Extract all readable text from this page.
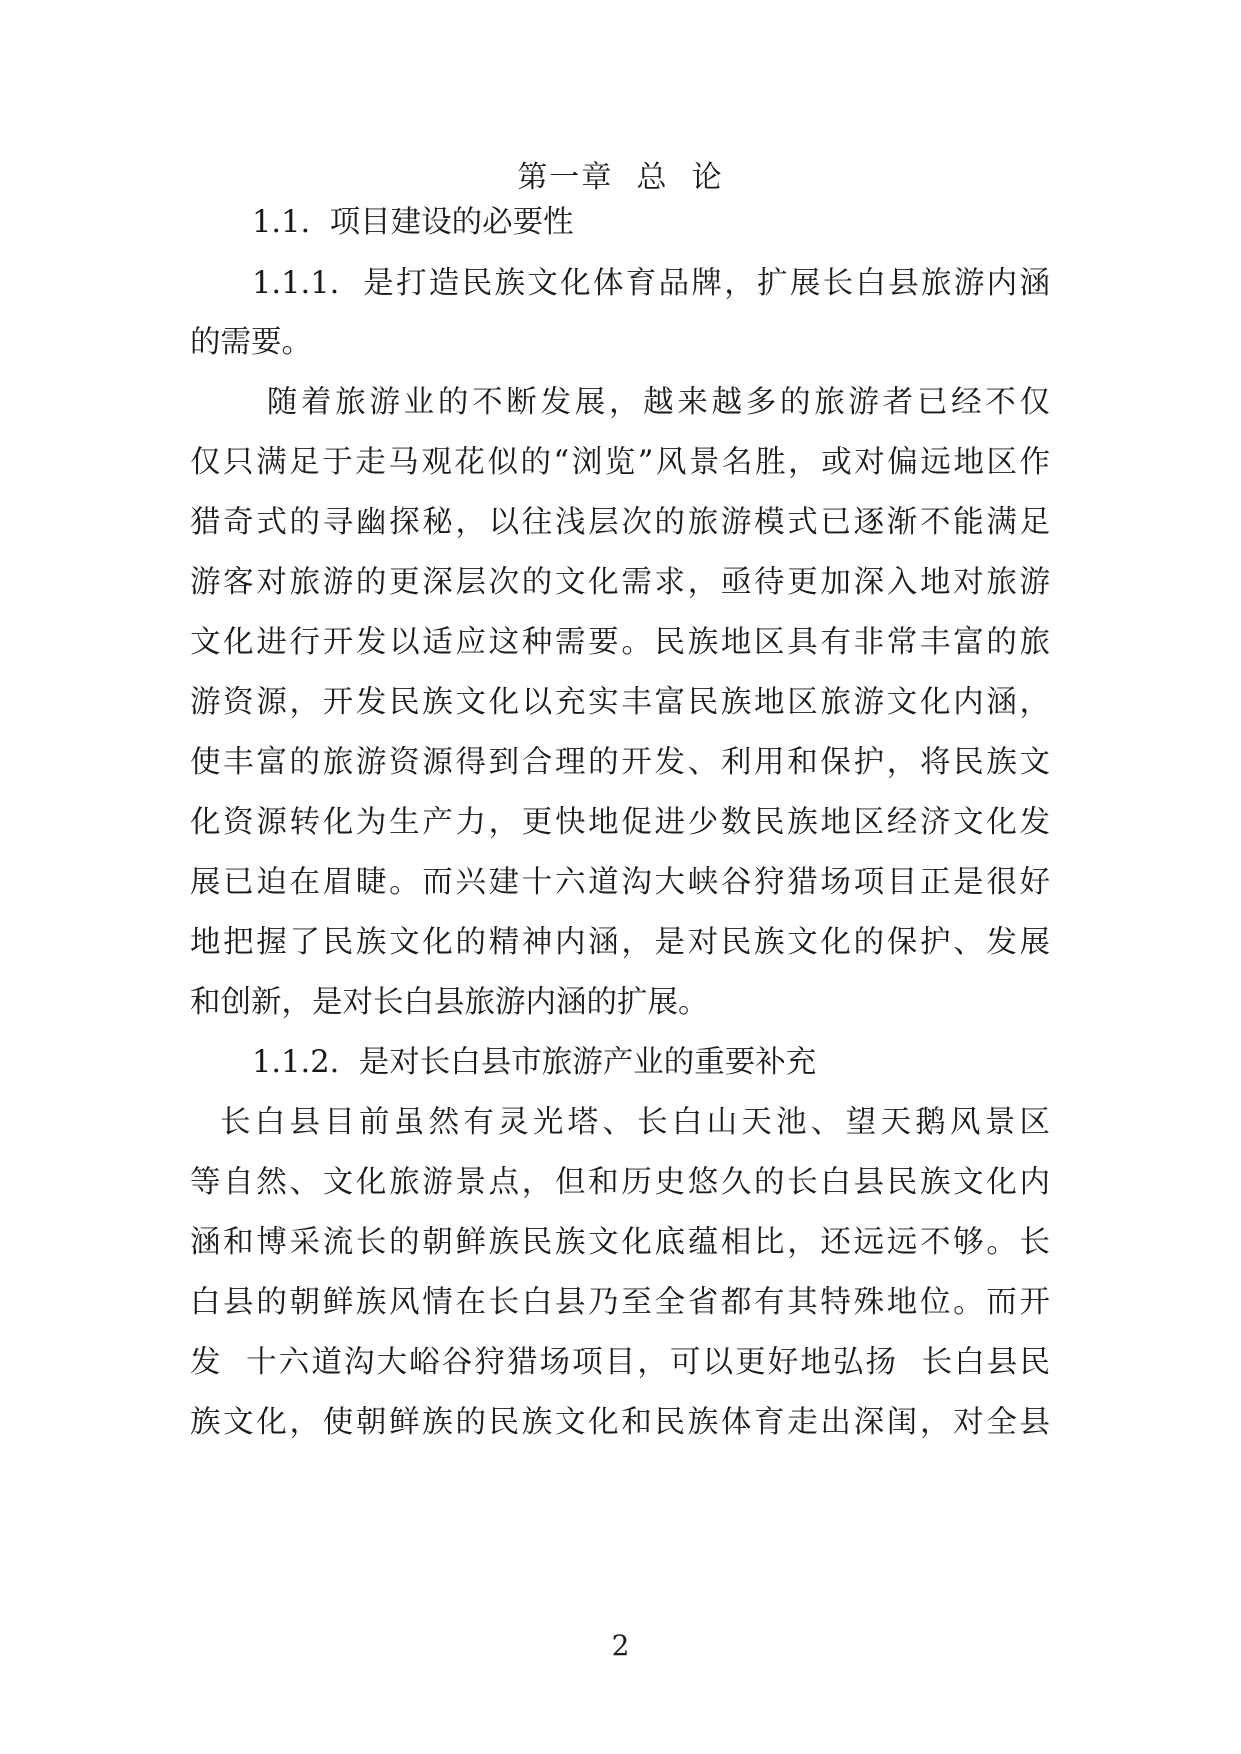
第一章  总  论
1.1.  项目建设的必要性
1.1.1.  是打造民族文化体育品牌，扩展长白县旅游内涵
的需要。
随着旅游业的不断发展，越来越多的旅游者已经不仅
仅只满足于走马观花似的“浏览”风景名胜，或对偏远地区作
猎奇式的寻幽探秘，以往浅层次的旅游模式已逐渐不能满足
游客对旅游的更深层次的文化需求，亟待更加深入地对旅游
文化进行开发以适应这种需要。民族地区具有非常丰富的旅
游资源，开发民族文化以充实丰富民族地区旅游文化内涵，
使丰富的旅游资源得到合理的开发、利用和保护，将民族文
化资源转化为生产力，更快地促进少数民族地区经济文化发
展已迫在眉睫。而兴建十六道沟大峡谷狩猎场项目正是很好
地把握了民族文化的精神内涵，是对民族文化的保护、发展
和创新，是对长白县旅游内涵的扩展。
1.1.2.  是对长白县市旅游产业的重要补充
长白县目前虽然有灵光塔、长白山天池、望天鹅风景区
等自然、文化旅游景点，但和历史悠久的长白县民族文化内
涵和博采流长的朝鲜族民族文化底蕴相比，还远远不够。长
白县的朝鲜族风情在长白县乃至全省都有其特殊地位。而开
发  十六道沟大峪谷狩猎场项目，可以更好地弘扬  长白县民
族文化，使朝鲜族的民族文化和民族体育走出深闺，对全县
2
